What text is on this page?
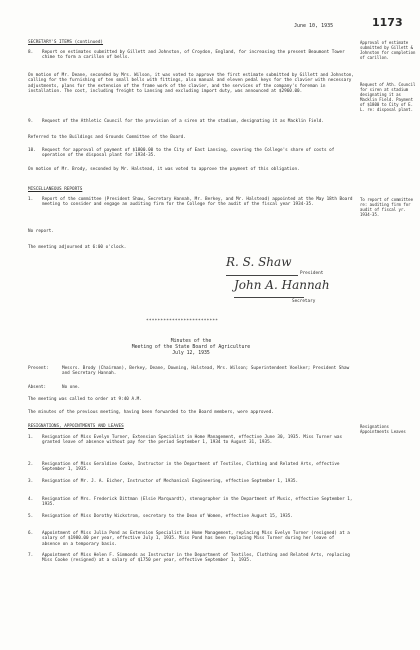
June 10, 1935	1173
SECRETARY'S ITEMS (continued)
8.	Report on estimates submitted by Gillett and Johnston, of Croydon, England, for increasing the present Beaumont Tower chime to form a carillon of bells.
On motion of Mr. Deane, seconded by Mrs. Wilson, it was voted to approve the first estimate submitted by Gillett and Johnston, calling for the furnishing of ten small bells with fittings, also manual and eleven pedal keys for the clavier with necessary adjustments, plans for the extension of the frame work of the clavier, and the services of the company's foreman in installation. The cost, including freight to Lansing and excluding import duty, was announced at $2960.00.
9.	Request of the Athletic Council for the provision of a siren at the stadium, designating it as Macklin Field.
Referred to the Buildings and Grounds Committee of the Board.
10.	Request for approval of payment of $1800.00 to the City of East Lansing, covering the College's share of costs of operation of the disposal plant for 1934-35.
On motion of Mr. Brody, seconded by Mr. Halstead, it was voted to approve the payment of this obligation.
MISCELLANEOUS REPORTS
1.	Report of the committee (President Shaw, Secretary Hannah, Mr. Berkey, and Mr. Halstead) appointed at the May 18th Board meeting to consider and engage an auditing firm for the College for the audit of the fiscal year 1934-35.
No report.
The meeting adjourned at 6:00 o'clock.
R. S. Shaw
President
John A. Hannah
Secretary
*************************
Minutes of the
Meeting of the State Board of Agriculture
July 12, 1935
Present:	Messrs. Brody (Chairman), Berkey, Deane, Downing, Halstead, Mrs. Wilson; Superintendent Voelker; President Shaw and Secretary Hannah.
Absent:	No one.
The meeting was called to order at 9:40 A.M.
The minutes of the previous meeting, having been forwarded to the Board members, were approved.
RESIGNATIONS, APPOINTMENTS AND LEAVES
1.	Resignation of Miss Evelyn Turner, Extension Specialist in Home Management, effective June 30, 1935. Miss Turner was granted leave of absence without pay for the period September 1, 1934 to August 31, 1935.
2.	Resignation of Miss Geraldine Cooke, Instructor in the Department of Textiles, Clothing and Related Arts, effective September 1, 1935.
3.	Resignation of Mr. J. A. Eicher, Instructor of Mechanical Engineering, effective September 1, 1935.
4.	Resignation of Mrs. Frederick Dittman (Elsie Marquardt), stenographer in the Department of Music, effective September 1, 1935.
5.	Resignation of Miss Dorothy Wickstrom, secretary to the Dean of Women, effective August 15, 1935.
6.	Appointment of Miss Julia Pond as Extension Specialist in Home Management, replacing Miss Evelyn Turner (resigned) at a salary of $1980.00 per year, effective July 1, 1935. Miss Pond has been replacing Miss Turner during her leave of absence on a temporary basis.
7.	Appointment of Miss Helen F. Simmonds as Instructor in the Department of Textiles, Clothing and Related Arts, replacing Miss Cooke (resigned) at a salary of $1750 per year, effective September 1, 1935.
Approval of estimate submitted by Gillett & Johnston for completion of carillon.
Request of Ath. Council for siren at stadium designating it as Macklin Field. Payment of $1800 to City of E. L. re: disposal plant.
To report of committee re: auditing firm for audit of fiscal yr. 1934-35.
Resignations Appointments Leaves
